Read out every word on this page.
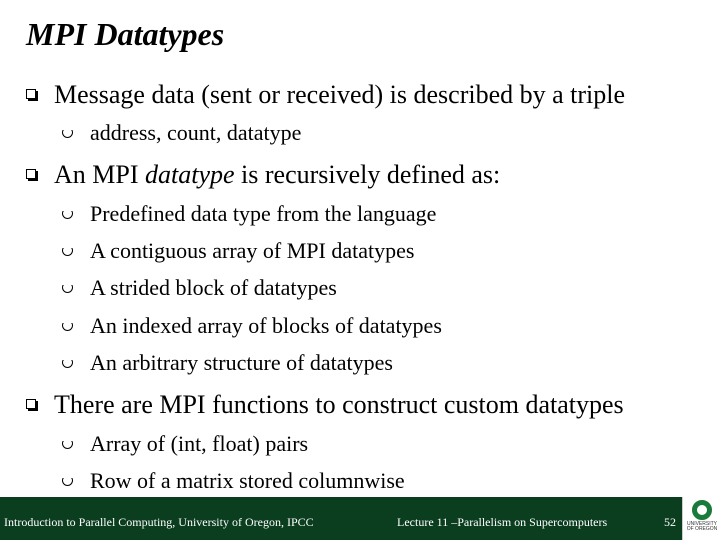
MPI Datatypes
Message data (sent or received) is described by a triple
address, count, datatype
An MPI datatype is recursively defined as:
Predefined data type from the language
A contiguous array of MPI datatypes
A strided block of datatypes
An indexed array of blocks of datatypes
An arbitrary structure of datatypes
There are MPI functions to construct custom datatypes
Array of (int, float) pairs
Row of a matrix stored columnwise
Introduction to Parallel Computing, University of Oregon, IPCC	Lecture 11 –Parallelism on Supercomputers	52	UNIVERSITY OF OREGON
